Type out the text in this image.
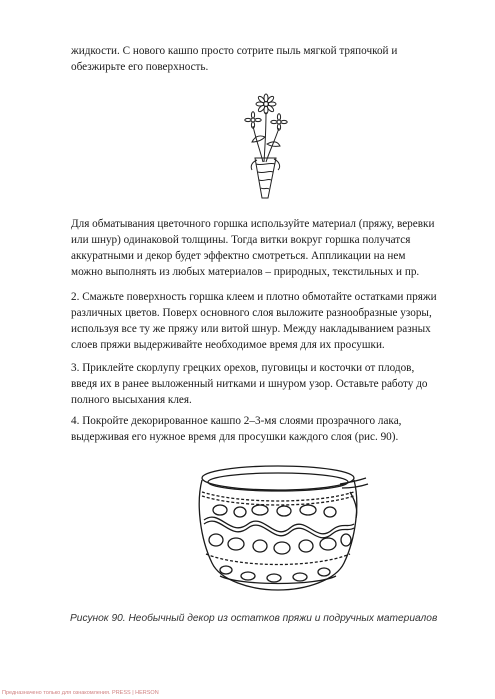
жидкости. С нового кашпо просто сотрите пыль мягкой тряпочкой и обезжирьте его поверхность.

Для обматывания цветочного горшка используйте материал (пряжу, веревки или шнур) одинаковой толщины. Тогда витки вокруг горшка получатся аккуратными и декор будет эффектно смотреться. Аппликации на нем можно выполнять из любых материалов – природных, текстильных и пр.

2. Смажьте поверхность горшка клеем и плотно обмотайте остатками пряжи различных цветов. Поверх основного слоя выложите разнообразные узоры, используя все ту же пряжу или витой шнур. Между накладыванием разных слоев пряжи выдерживайте необходимое время для их просушки.

3. Приклейте скорлупу грецких орехов, пуговицы и косточки от плодов, введя их в ранее выложенный нитками и шнуром узор. Оставьте работу до полного высыхания клея.

4. Покройте декорированное кашпо 2–3-мя слоями прозрачного лака, выдерживая его нужное время для просушки каждого слоя (рис. 90).

Рисунок 90. Необычный декор из остатков пряжи и подручных материалов
Предназначено только для ознакомления. PRESS | HERSON
